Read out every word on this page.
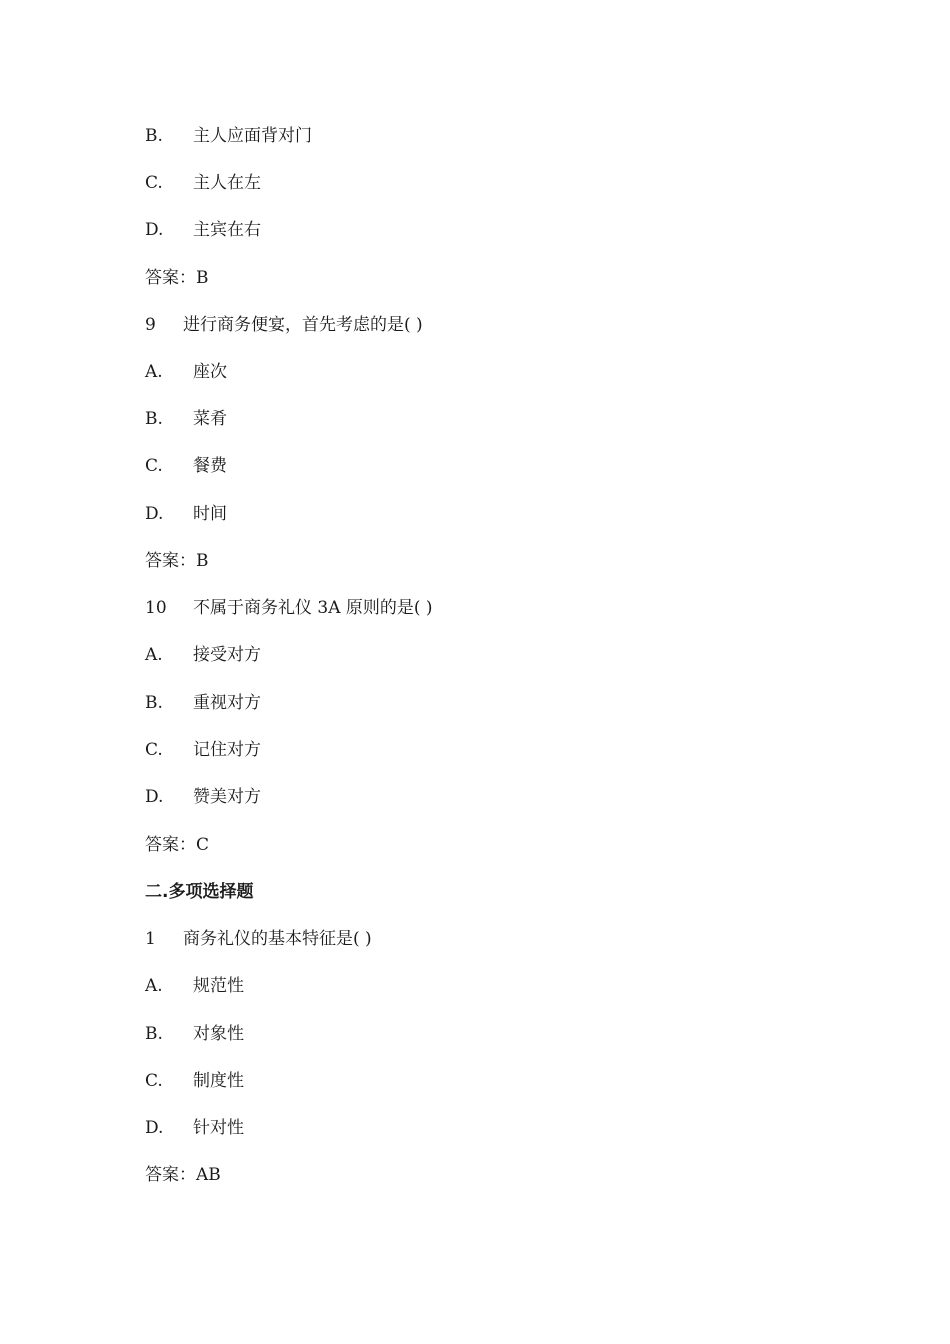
B. 主人应面背对门
C. 主人在左
D. 主宾在右
答案：B
9 进行商务便宴，首先考虑的是( )
A. 座次
B. 菜肴
C. 餐费
D. 时间
答案：B
10 不属于商务礼仪 3A 原则的是( )
A. 接受对方
B. 重视对方
C. 记住对方
D. 赞美对方
答案：C
二.多项选择题
1 商务礼仪的基本特征是( )
A. 规范性
B. 对象性
C. 制度性
D. 针对性
答案：AB
